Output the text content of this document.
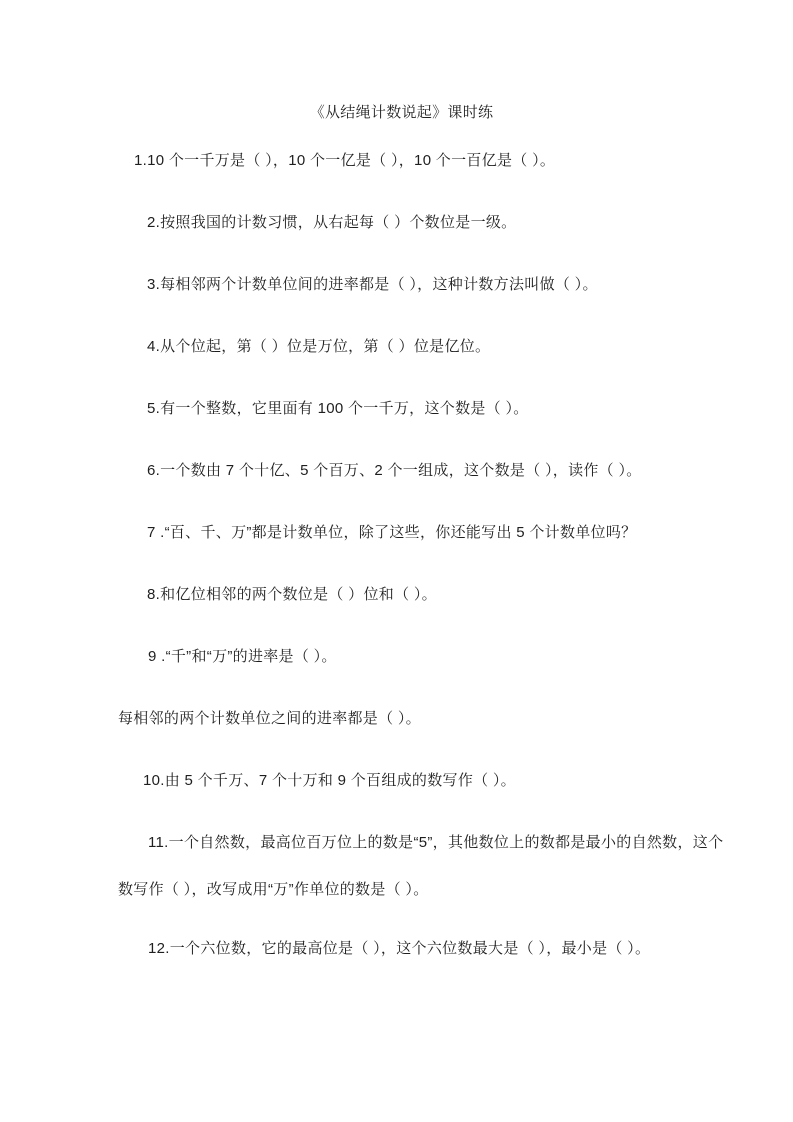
《从结绳计数说起》课时练
1.10 个一千万是（ ），10 个一亿是（ ），10 个一百亿是（ ）。
2.按照我国的计数习惯，从右起每（ ）个数位是一级。
3.每相邻两个计数单位间的进率都是（ ），这种计数方法叫做（ ）。
4.从个位起，第（ ）位是万位，第（ ）位是亿位。
5.有一个整数，它里面有 100 个一千万，这个数是（ ）。
6.一个数由 7 个十亿、5 个百万、2 个一组成，这个数是（ ），读作（ ）。
7 .“百、千、万”都是计数单位，除了这些，你还能写出 5 个计数单位吗？
8.和亿位相邻的两个数位是（ ）位和（ ）。
9 .“千”和“万”的进率是（ ）。
每相邻的两个计数单位之间的进率都是（ ）。
10.由 5 个千万、7 个十万和 9 个百组成的数写作（ ）。
11.一个自然数，最高位百万位上的数是“5”，其他数位上的数都是最小的自然数，这个
数写作（ ），改写成用“万”作单位的数是（ ）。
12.一个六位数，它的最高位是（ ），这个六位数最大是（ ），最小是（ ）。
